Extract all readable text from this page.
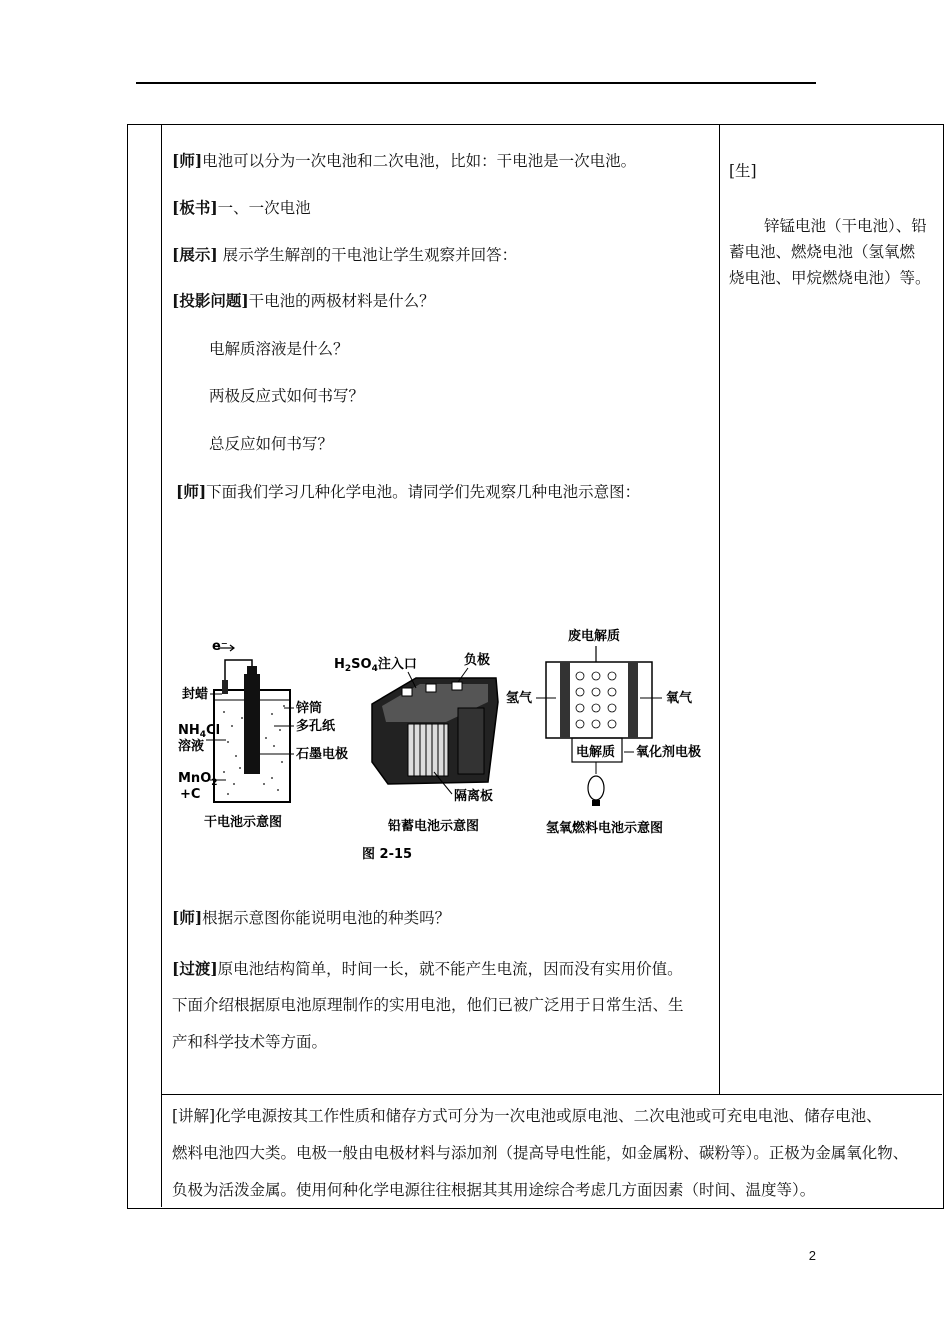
[师]电池可以分为一次电池和二次电池，比如：干电池是一次电池。
[板书]一、一次电池
[展示] 展示学生解剖的干电池让学生观察并回答：
[投影问题]干电池的两极材料是什么？
电解质溶液是什么？
两极反应式如何书写？
总反应如何书写？
[师]下面我们学习几种化学电池。请同学们先观察几种电池示意图：
e⁻
封蜡
锌筒
多孔纸
石墨电极
$NH_4Cl$
溶液
MnO$_2$
+C
干电池示意图
$H_2SO_4$注入口	负极
隔离板
铅蓄电池示意图
废电解质
氢气	氧气
电解质 氧化剂电极
氢氧燃料电池示意图
图 2-15
[师]根据示意图你能说明电池的种类吗？
[过渡]原电池结构简单，时间一长，就不能产生电流，因而没有实用价值。
下面介绍根据原电池原理制作的实用电池，他们已被广泛用于日常生活、生
产和科学技术等方面。
[生]
锌锰电池（干电池）、铅
蓄电池、燃烧电池（氢氧燃
烧电池、甲烷燃烧电池）等。
[讲解]化学电源按其工作性质和储存方式可分为一次电池或原电池、二次电池或可充电电池、储存电池、
燃料电池四大类。电极一般由电极材料与添加剂（提高导电性能，如金属粉、碳粉等）。正极为金属氧化物、
负极为活泼金属。使用何种化学电源往往根据其其用途综合考虑几方面因素（时间、温度等）。
2
